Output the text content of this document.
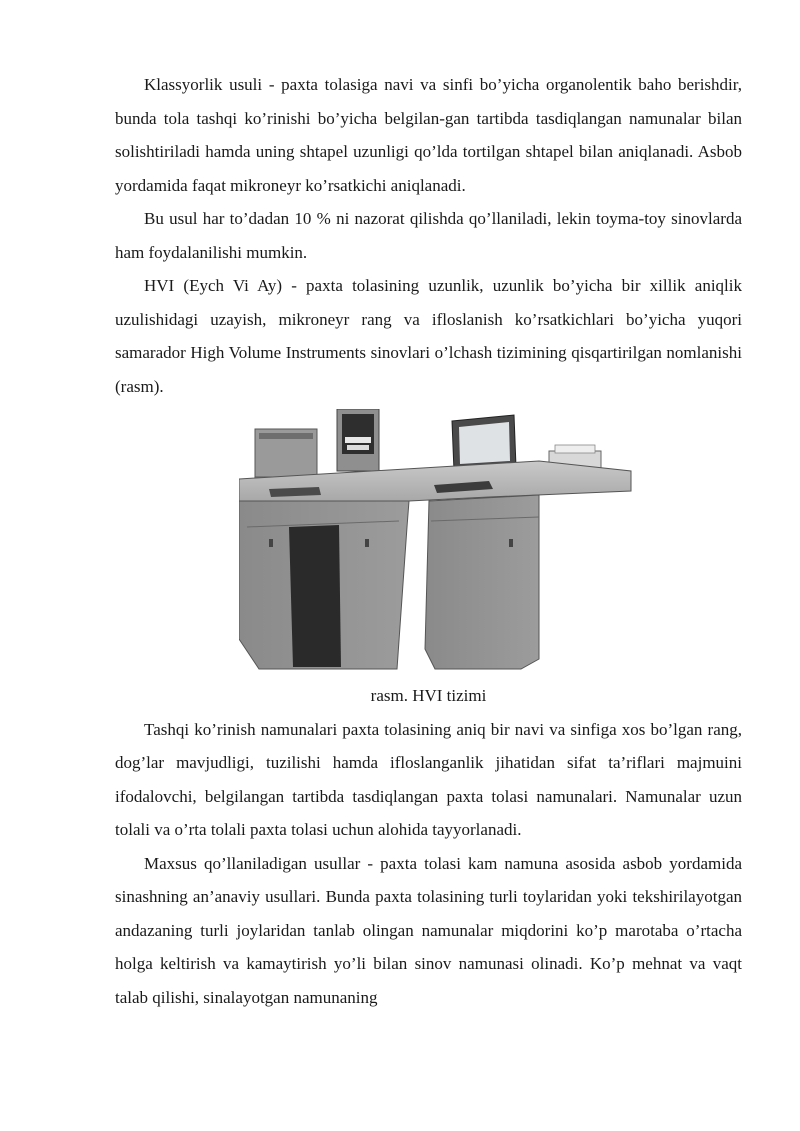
Klassyorlik usuli - paxta tolasiga navi va sinfi bo’yicha organolentik baho berishdir, bunda tola tashqi ko’rinishi bo’yicha belgilan-gan tartibda tasdiqlangan namunalar bilan solishtiriladi hamda uning shtapel uzunligi qo’lda tortilgan shtapel bilan aniqlanadi. Asbob yordamida faqat mikroneyr ko’rsatkichi aniqlanadi.

Bu usul har to’dadan 10 % ni nazorat qilishda qo’llaniladi, lekin toyma-toy sinovlarda ham foydalanilishi mumkin.

HVI (Eych Vi Ay) - paxta tolasining uzunlik, uzunlik bo’yicha bir xillik aniqlik uzulishidagi uzayish, mikroneyr rang va ifloslanish ko’rsatkichlari bo’yicha yuqori samarador High Volume Instruments sinovlari o’lchash tizimining qisqartirilgan nomlanishi (rasm).

rasm. HVI tizimi

Tashqi ko’rinish namunalari paxta tolasining aniq bir navi va sinfiga xos bo’lgan rang, dog’lar mavjudligi, tuzilishi hamda ifloslanganlik jihatidan sifat ta’riflari majmuini ifodalovchi, belgilangan tartibda tasdiqlangan paxta tolasi namunalari. Namunalar uzun tolali va o’rta tolali paxta tolasi uchun alohida tayyorlanadi.

Maxsus qo’llaniladigan usullar - paxta tolasi kam namuna asosida asbob yordamida sinashning an’anaviy usullari. Bunda paxta tolasining turli toylaridan yoki tekshirilayotgan andazaning turli joylaridan tanlab olingan namunalar miqdorini ko’p marotaba o’rtacha holga keltirish va kamaytirish yo’li bilan sinov namunasi olinadi. Ko’p mehnat va vaqt talab qilishi, sinalayotgan namunaning
